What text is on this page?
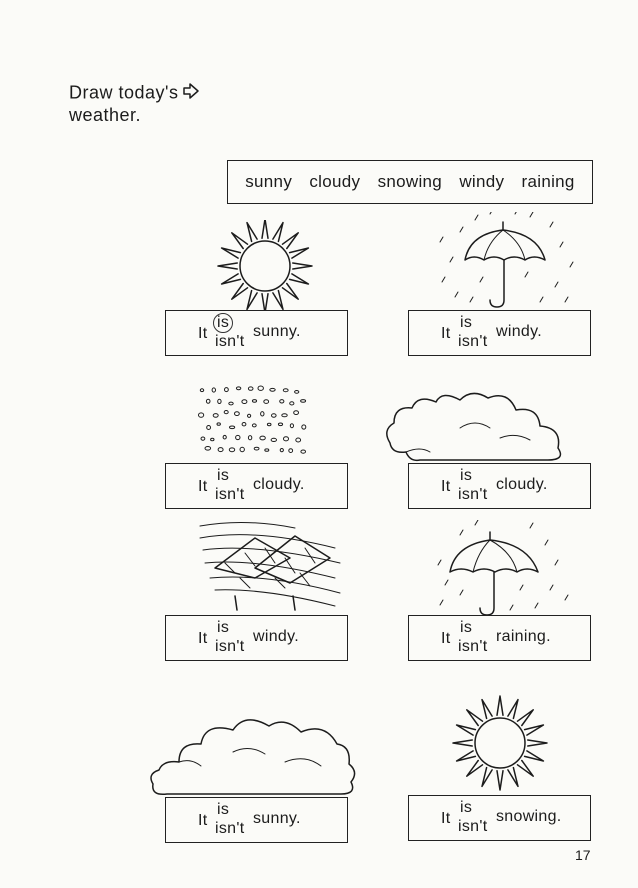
Draw today's
weather.
sunny cloudy snowing windy raining
It
is
isn't
sunny.	It
is
isn't
windy.
It
is
isn't
cloudy.	It
is
isn't
cloudy.
It
is
isn't
windy.	It
is
isn't
raining.
It
is
isn't
sunny.	It
is
isn't
snowing.
17
